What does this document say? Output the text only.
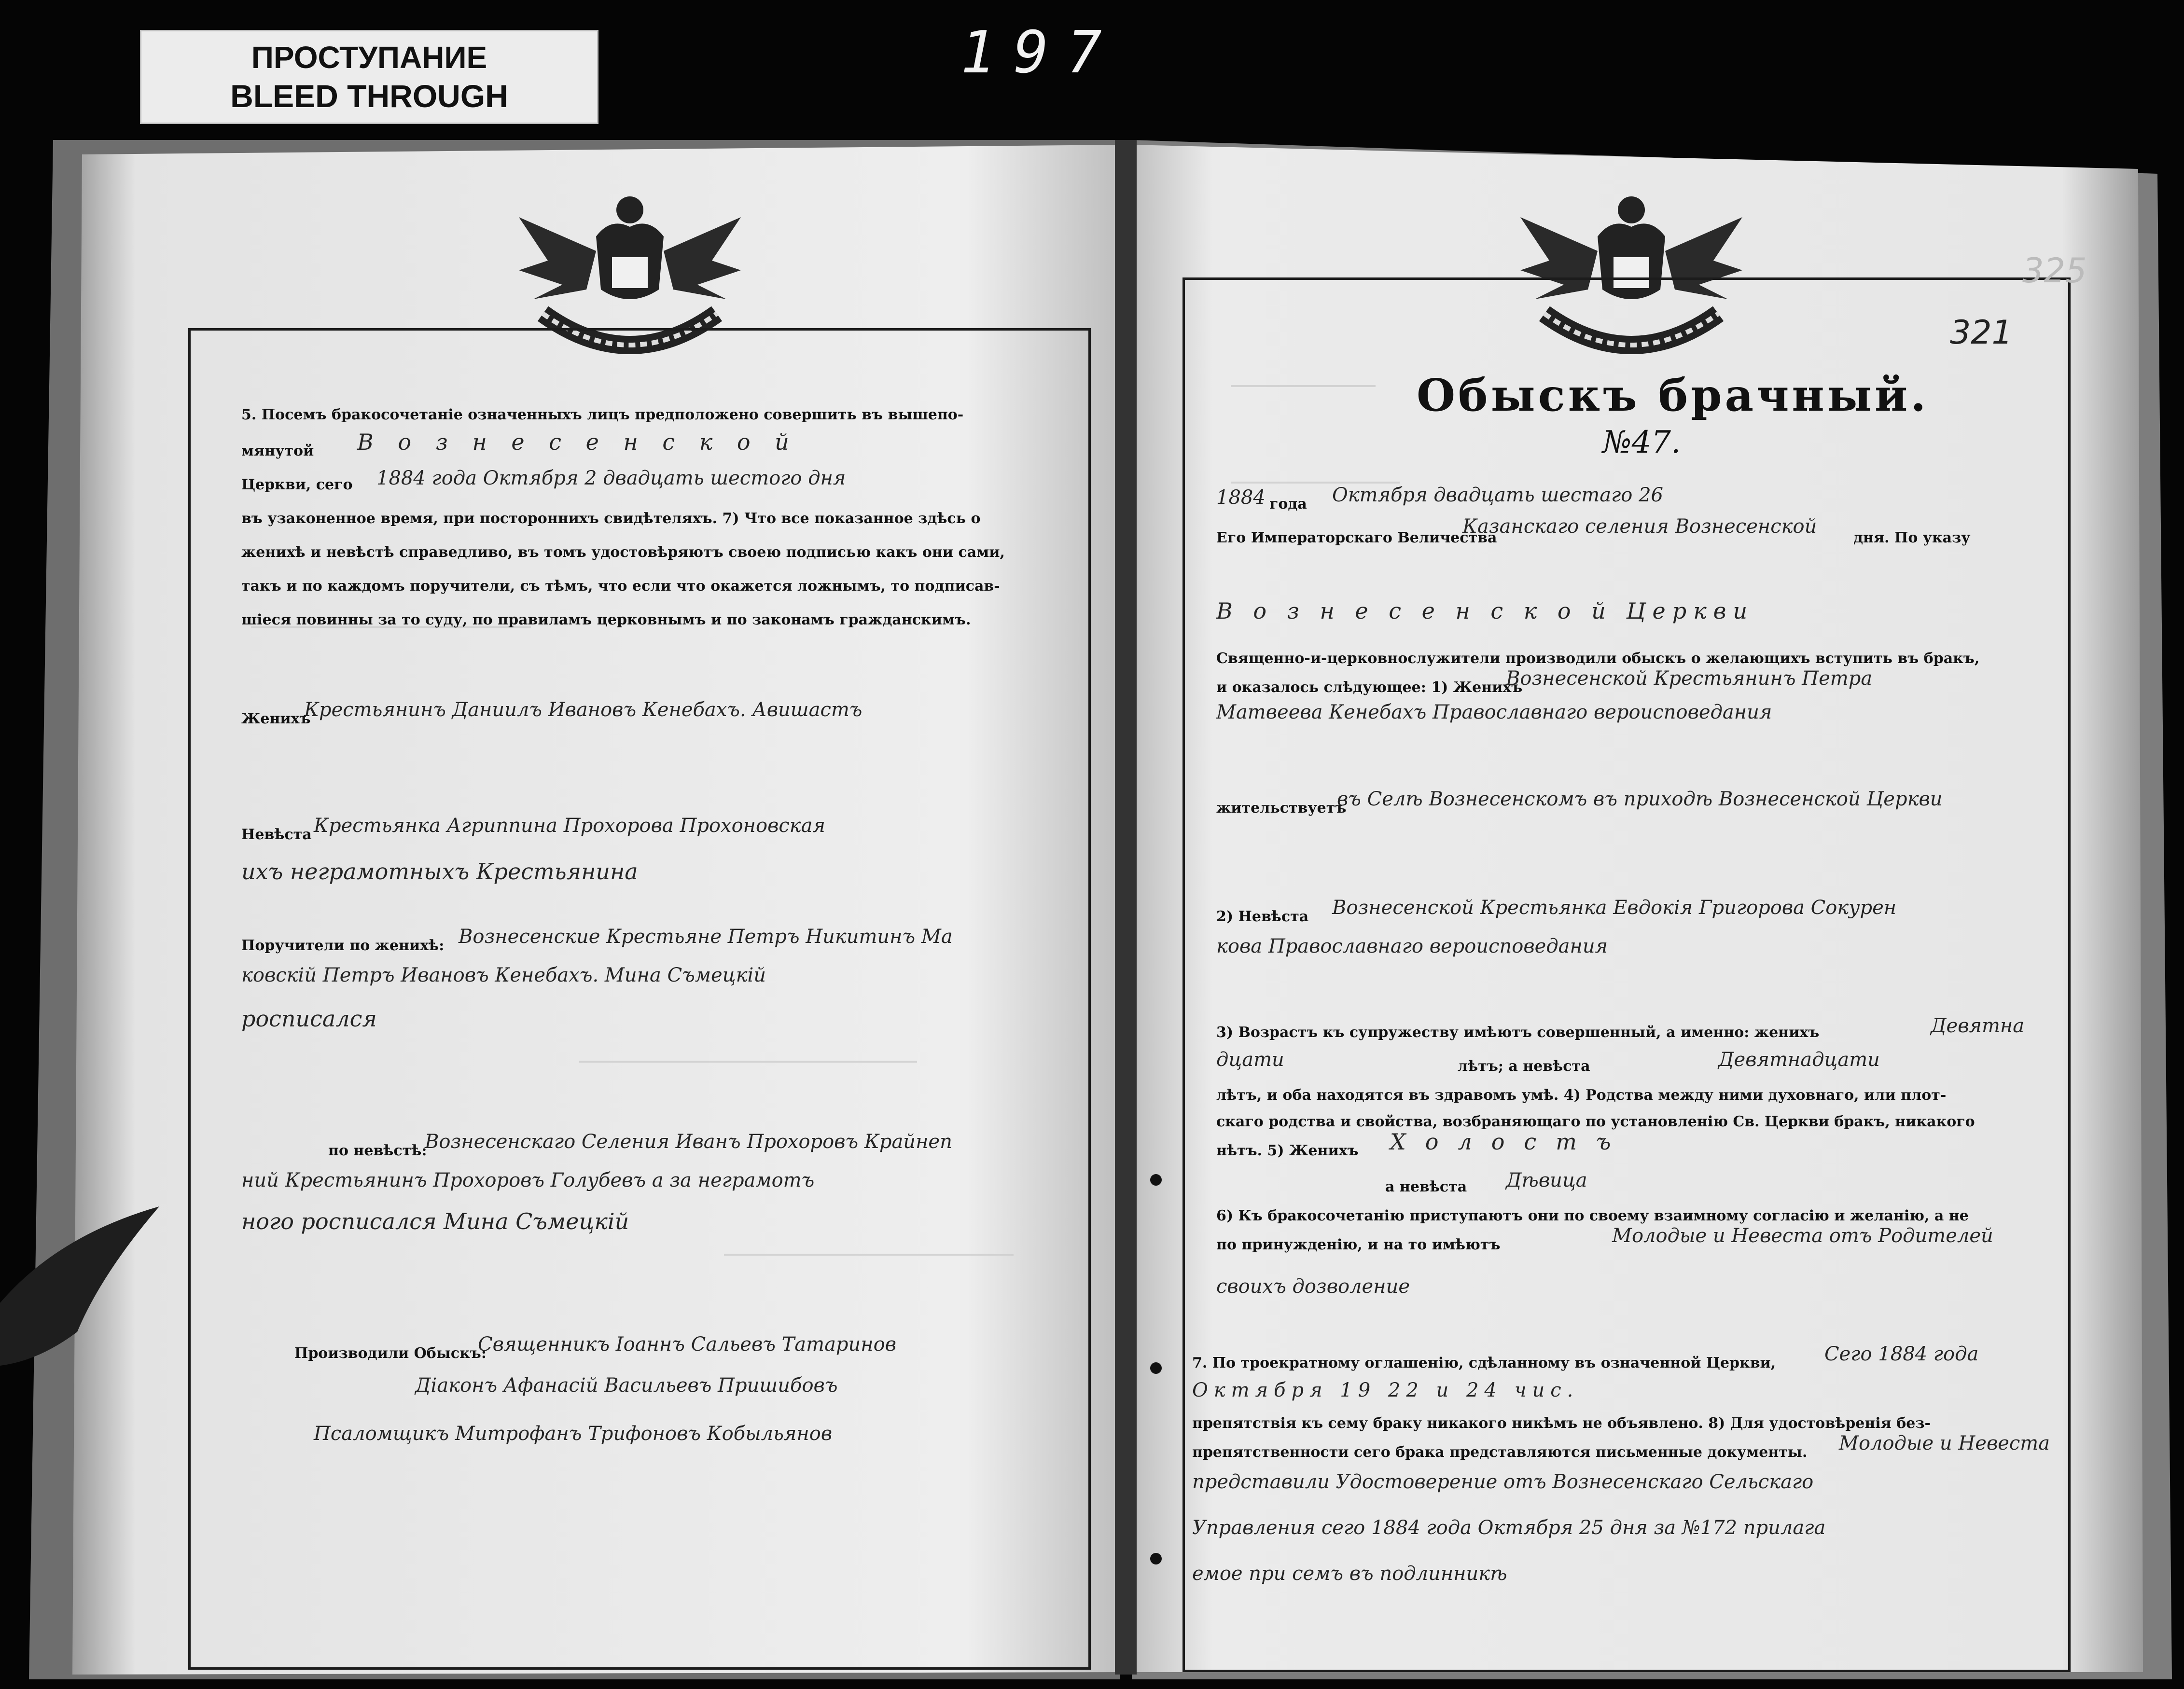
ПРОСТУПАНИЕ
BLEED THROUGH
197
325
321
5. Посемъ бракосочетаніе означенныхъ лицъ предположено совершить въ вышепо-
мянутой В о з н е с е н с к о й
Церкви, сего 1884 года Октября 2 двадцать шестого дня
въ узаконенное время, при постороннихъ свидѣтеляхъ. 7) Что все показанное здѣсь о
женихѣ и невѣстѣ справедливо, въ томъ удостовѣряютъ своею подписью какъ они сами,
такъ и по каждомъ поручители, съ тѣмъ, что если что окажется ложнымъ, то подписав-
шіеся повинны за то суду, по правиламъ церковнымъ и по законамъ гражданскимъ.
Женихъ
Крестьянинъ Даниилъ Ивановъ Кенебахъ. Авишастъ
Невѣста Крестьянка Агриппина Прохорова Прохоновская
ихъ неграмотныхъ Крестьянина
Поручители по женихѣ: Вознесенские Крестьяне Петръ Никитинъ Ма
ковскій Петръ Ивановъ Кенебахъ. Мина Съмецкій
росписался
по невѣстѣ:
Вознесенскаго Селения Иванъ Прохоровъ Крайнеп
ний Крестьянинъ Прохоровъ Голубевъ а за неграмотъ
ного росписался Мина Съмецкій
Производили Обыскъ:
Священникъ Іоаннъ Сальевъ Татаринов
Діаконъ Афанасій Васильевъ Пришибовъ
Псаломщикъ Митрофанъ Трифоновъ Кобыльянов
Обыскъ брачный.
№47.
1884 года Октября двадцать шестаго 26
дня. По указу
Его Императорскаго Величества
Казанскаго селения Вознесенской
В о з н е с е н с к о й Церкви
Священно-и-церковнослужители производили обыскъ о желающихъ вступить въ бракъ,
и оказалось слѣдующее: 1) Женихъ
Вознесенской Крестьянинъ Петра
Матвеева Кенебахъ Православнаго вероисповедания
жительствуетъ
въ Селѣ Вознесенскомъ въ приходѣ Вознесенской Церкви
2) Невѣста Вознесенской Крестьянка Евдокія Григорова Сокурен
кова Православнаго вероисповедания
3) Возрастъ къ супружеству имѣютъ совершенный, а именно: женихъ	Девятна
дцати	лѣтъ; а невѣста	Девятнадцати
лѣтъ, и оба находятся въ здравомъ умѣ. 4) Родства между ними духовнаго, или плот-
скаго родства и свойства, возбраняющаго по установленію Св. Церкви бракъ, никакого
нѣтъ. 5) Женихъ Холостъ
а невѣста Дѣвица
6) Къ бракосочетанію приступаютъ они по своему взаимному согласію и желанію, а не
по принужденію, и на то имѣютъ	Молодые и Невеста отъ Родителей
своихъ дозволение
7. По троекратному оглашенію, сдѣланному въ означенной Церкви,	Сего 1884 года
Октября 19 22 и 24 чис.
препятствія къ сему браку никакого никѣмъ не объявлено. 8) Для удостовѣренія без-
препятственности сего брака представляются письменные документы. Молодые и Невеста
представили Удостоверение отъ Вознесенскаго Сельскаго
Управления сего 1884 года Октября 25 дня за №172 прилага
емое при семъ въ подлинникѣ
